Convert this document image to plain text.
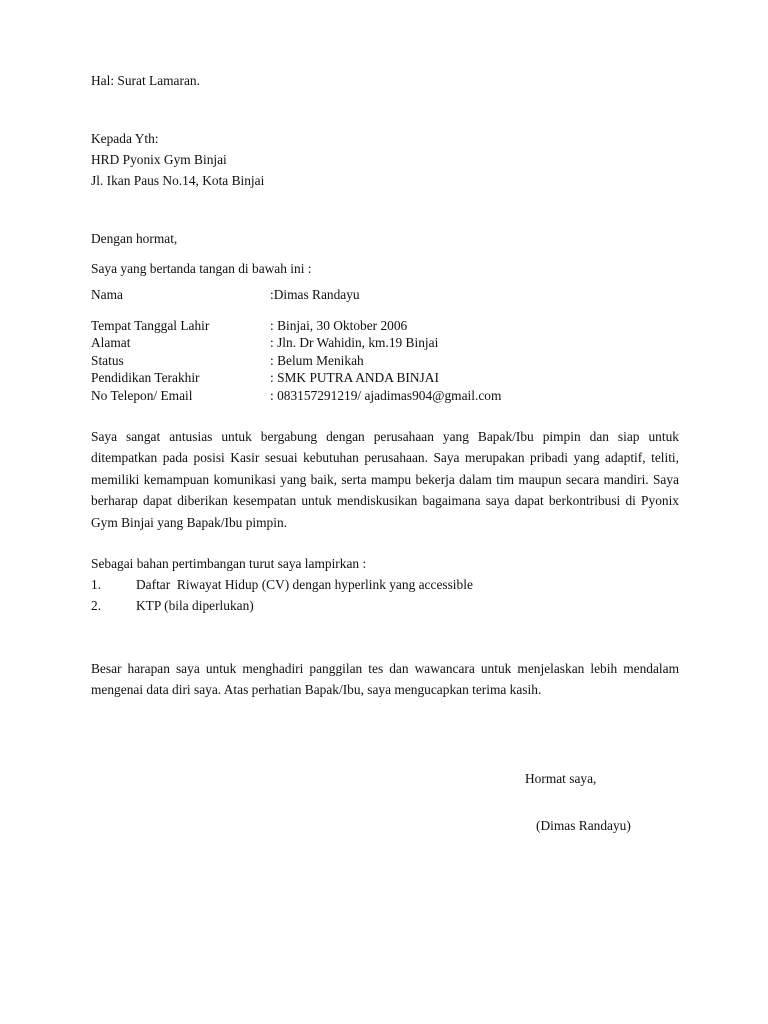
Hal: Surat Lamaran.
Kepada Yth:
HRD Pyonix Gym Binjai
Jl. Ikan Paus No.14, Kota Binjai
Dengan hormat,
Saya yang bertanda tangan di bawah ini :
Nama	:Dimas Randayu
Tempat Tanggal Lahir	: Binjai, 30 Oktober 2006
Alamat	: Jln. Dr Wahidin, km.19 Binjai
Status	: Belum Menikah
Pendidikan Terakhir	: SMK PUTRA ANDA BINJAI
No Telepon/ Email	: 083157291219/ ajadimas904@gmail.com
Saya sangat antusias untuk bergabung dengan perusahaan yang Bapak/Ibu pimpin dan siap untuk ditempatkan pada posisi Kasir sesuai kebutuhan perusahaan. Saya merupakan pribadi yang adaptif, teliti, memiliki kemampuan komunikasi yang baik, serta mampu bekerja dalam tim maupun secara mandiri. Saya berharap dapat diberikan kesempatan untuk mendiskusikan bagaimana saya dapat berkontribusi di Pyonix Gym Binjai yang Bapak/Ibu pimpin.
Sebagai bahan pertimbangan turut saya lampirkan :
1.	Daftar  Riwayat Hidup (CV) dengan hyperlink yang accessible
2.	KTP (bila diperlukan)
Besar harapan saya untuk menghadiri panggilan tes dan wawancara untuk menjelaskan lebih mendalam mengenai data diri saya. Atas perhatian Bapak/Ibu, saya mengucapkan terima kasih.
Hormat saya,
(Dimas Randayu)
